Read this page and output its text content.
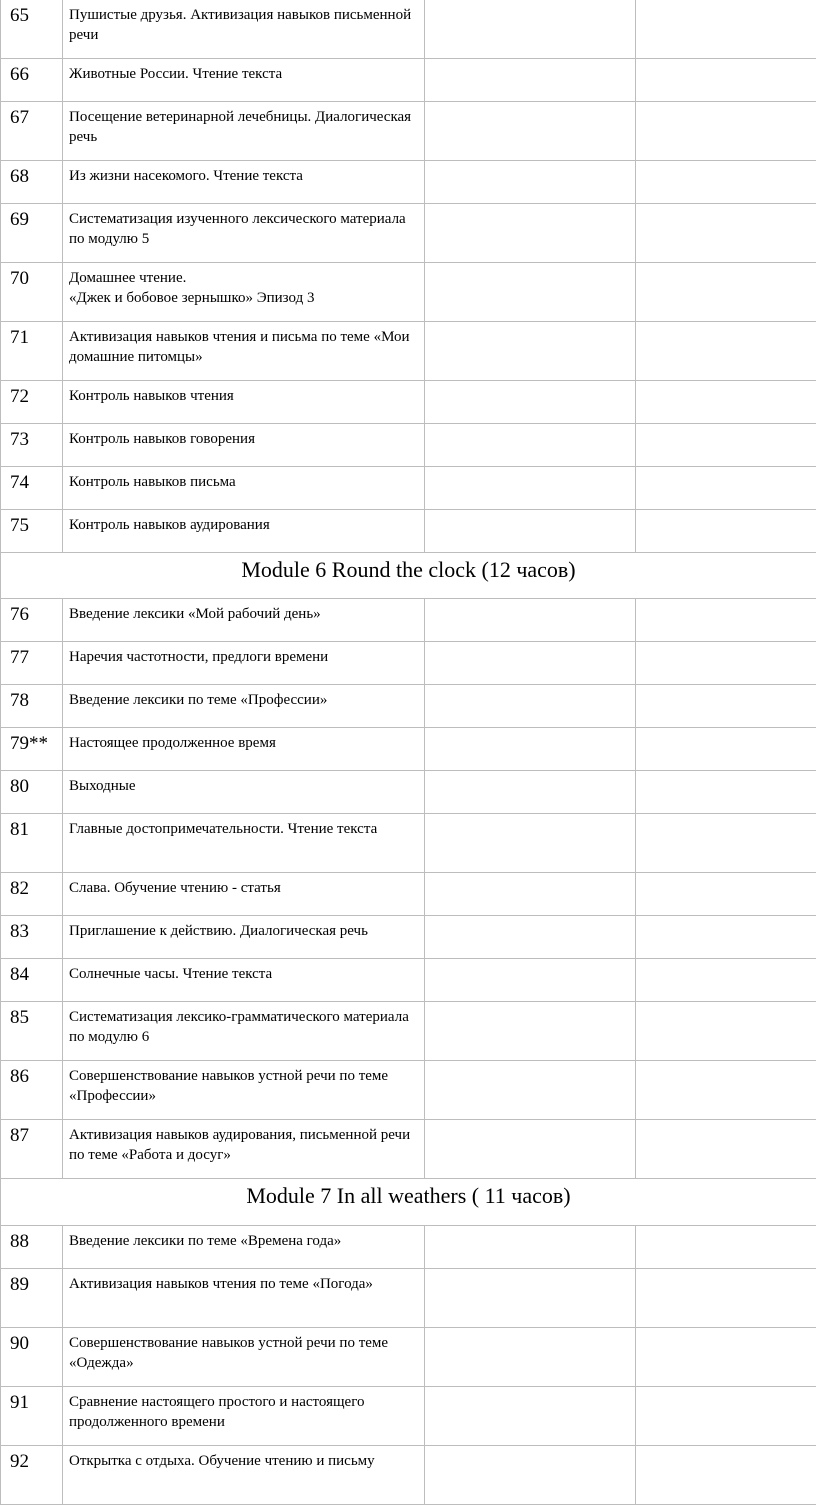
65	Пушистые друзья. Активизация навыков письменной речи		
66	Животные России. Чтение текста		
67	Посещение ветеринарной лечебницы. Диалогическая речь		
68	Из жизни насекомого. Чтение текста		
69	Систематизация изученного лексического материала по модулю 5		
70	Домашнее чтение.
«Джек и бобовое зернышко» Эпизод 3		
71	Активизация навыков чтения и письма по теме «Мои домашние питомцы»		
72	Контроль навыков чтения		
73	Контроль навыков говорения		
74	Контроль навыков письма		
75	Контроль навыков аудирования		
Module 6 Round the clock (12 часов)			
76	Введение лексики «Мой рабочий день»		
77	Наречия частотности, предлоги времени		
78	Введение лексики по теме «Профессии»		
79**	Настоящее продолженное время		
80	Выходные		
81	Главные достопримечательности. Чтение текста		
82	Слава. Обучение чтению - статья		
83	Приглашение к действию. Диалогическая речь		
84	Солнечные часы. Чтение текста		
85	Систематизация лексико-грамматического материала по модулю 6		
86	Совершенствование навыков устной речи по теме «Профессии»		
87	Активизация навыков аудирования, письменной речи по теме «Работа и досуг»		
Module 7 In all weathers ( 11 часов)			
88	Введение лексики по теме «Времена года»		
89	Активизация навыков чтения по теме «Погода»		
90	Совершенствование навыков устной речи по теме «Одежда»		
91	Сравнение настоящего простого и настоящего продолженного времени		
92	Открытка с отдыха. Обучение чтению и письму		
